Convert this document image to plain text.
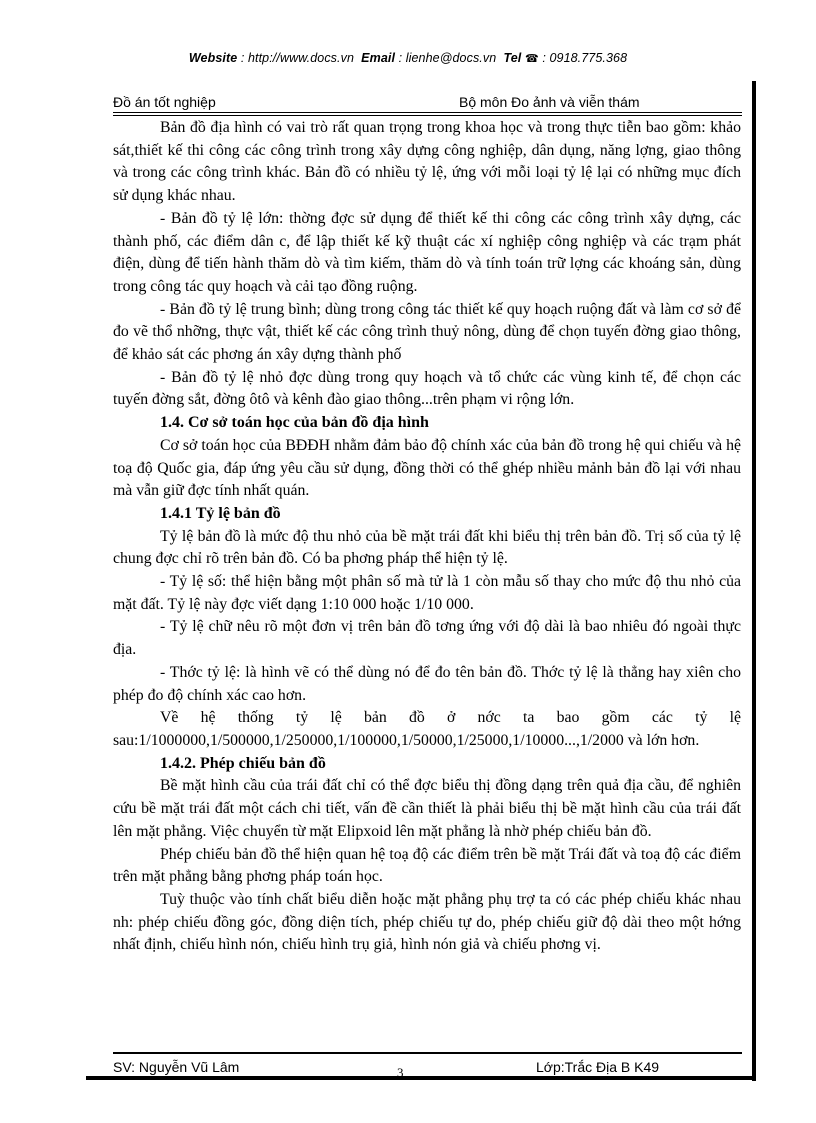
Website : http://www.docs.vn Email : lienhe@docs.vn Tel ☎ : 0918.775.368
Đồ án tốt nghiệp	Bộ môn Đo ảnh và viễn thám

Bản đồ địa hình có vai trò rất quan trọng trong khoa học và trong thực tiễn bao gồm: khảo sát,thiết kế thi công các công trình trong xây dựng công nghiệp, dân dụng, năng lợng, giao thông và trong các công trình khác. Bản đồ có nhiều tỷ lệ, ứng với mỗi loại tỷ lệ lại có những mục đích sử dụng khác nhau.

- Bản đồ tỷ lệ lớn: thờng đợc sử dụng để thiết kế thi công các công trình xây dựng, các thành phố, các điểm dân c, để lập thiết kế kỹ thuật các xí nghiệp công nghiệp và các trạm phát điện, dùng để tiến hành thăm dò và tìm kiếm, thăm dò và tính toán trữ lợng các khoáng sản, dùng trong công tác quy hoạch và cải tạo đồng ruộng.

- Bản đồ tỷ lệ trung bình; dùng trong công tác thiết kế quy hoạch ruộng đất và làm cơ sở để đo vẽ thổ nhỡng, thực vật, thiết kế các công trình thuỷ nông, dùng để chọn tuyến đờng giao thông, để khảo sát các phơng án xây dựng thành phố

- Bản đồ tỷ lệ nhỏ đợc dùng trong quy hoạch và tổ chức các vùng kinh tế, để chọn các tuyến đờng sắt, đờng ôtô và kênh đào giao thông...trên phạm vi rộng lớn.

1.4. Cơ sở toán học của bản đồ địa hình

Cơ sở toán học của BĐĐH nhằm đảm bảo độ chính xác của bản đồ trong hệ qui chiếu và hệ toạ độ Quốc gia, đáp ứng yêu cầu sử dụng, đồng thời có thể ghép nhiều mảnh bản đồ lại với nhau mà vẫn giữ đợc tính nhất quán.

1.4.1 Tỷ lệ bản đồ

Tỷ lệ bản đồ là mức độ thu nhỏ của bề mặt trái đất khi biểu thị trên bản đồ. Trị số của tỷ lệ chung đợc chỉ rõ trên bản đồ. Có ba phơng pháp thể hiện tỷ lệ.

- Tỷ lệ số: thể hiện bằng một phân số mà tử là 1 còn mẫu số thay cho mức độ thu nhỏ của mặt đất. Tỷ lệ này đợc viết dạng 1:10 000 hoặc 1/10 000.

- Tỷ lệ chữ nêu rõ một đơn vị trên bản đồ tơng ứng với độ dài là bao nhiêu đó ngoài thực địa.

- Thớc tỷ lệ: là hình vẽ có thể dùng nó để đo tên bản đồ. Thớc tỷ lệ là thẳng hay xiên cho phép đo độ chính xác cao hơn.

Về hệ thống tỷ lệ bản đồ ở nớc ta bao gồm các tỷ lệ sau:1/1000000,1/500000,1/250000,1/100000,1/50000,1/25000,1/10000...,1/2000 và lớn hơn.

1.4.2. Phép chiếu bản đồ

Bề mặt hình cầu của trái đất chỉ có thể đợc biểu thị đồng dạng trên quả địa cầu, để nghiên cứu bề mặt trái đất một cách chi tiết, vấn đề cần thiết là phải biểu thị bề mặt hình cầu của trái đất lên mặt phẳng. Việc chuyển từ mặt Elipxoid lên mặt phẳng là nhờ phép chiếu bản đồ.

Phép chiếu bản đồ thể hiện quan hệ toạ độ các điểm trên bề mặt Trái đất và toạ độ các điểm trên mặt phẳng bằng phơng pháp toán học.

Tuỳ thuộc vào tính chất biểu diễn hoặc mặt phẳng phụ trợ ta có các phép chiếu khác nhau nh: phép chiếu đồng góc, đồng diện tích, phép chiếu tự do, phép chiếu giữ độ dài theo một hớng nhất định, chiếu hình nón, chiếu hình trụ giả, hình nón giả và chiếu phơng vị.

SV: Nguyễn Vũ Lâm	3	Lớp:Trắc Địa B K49
